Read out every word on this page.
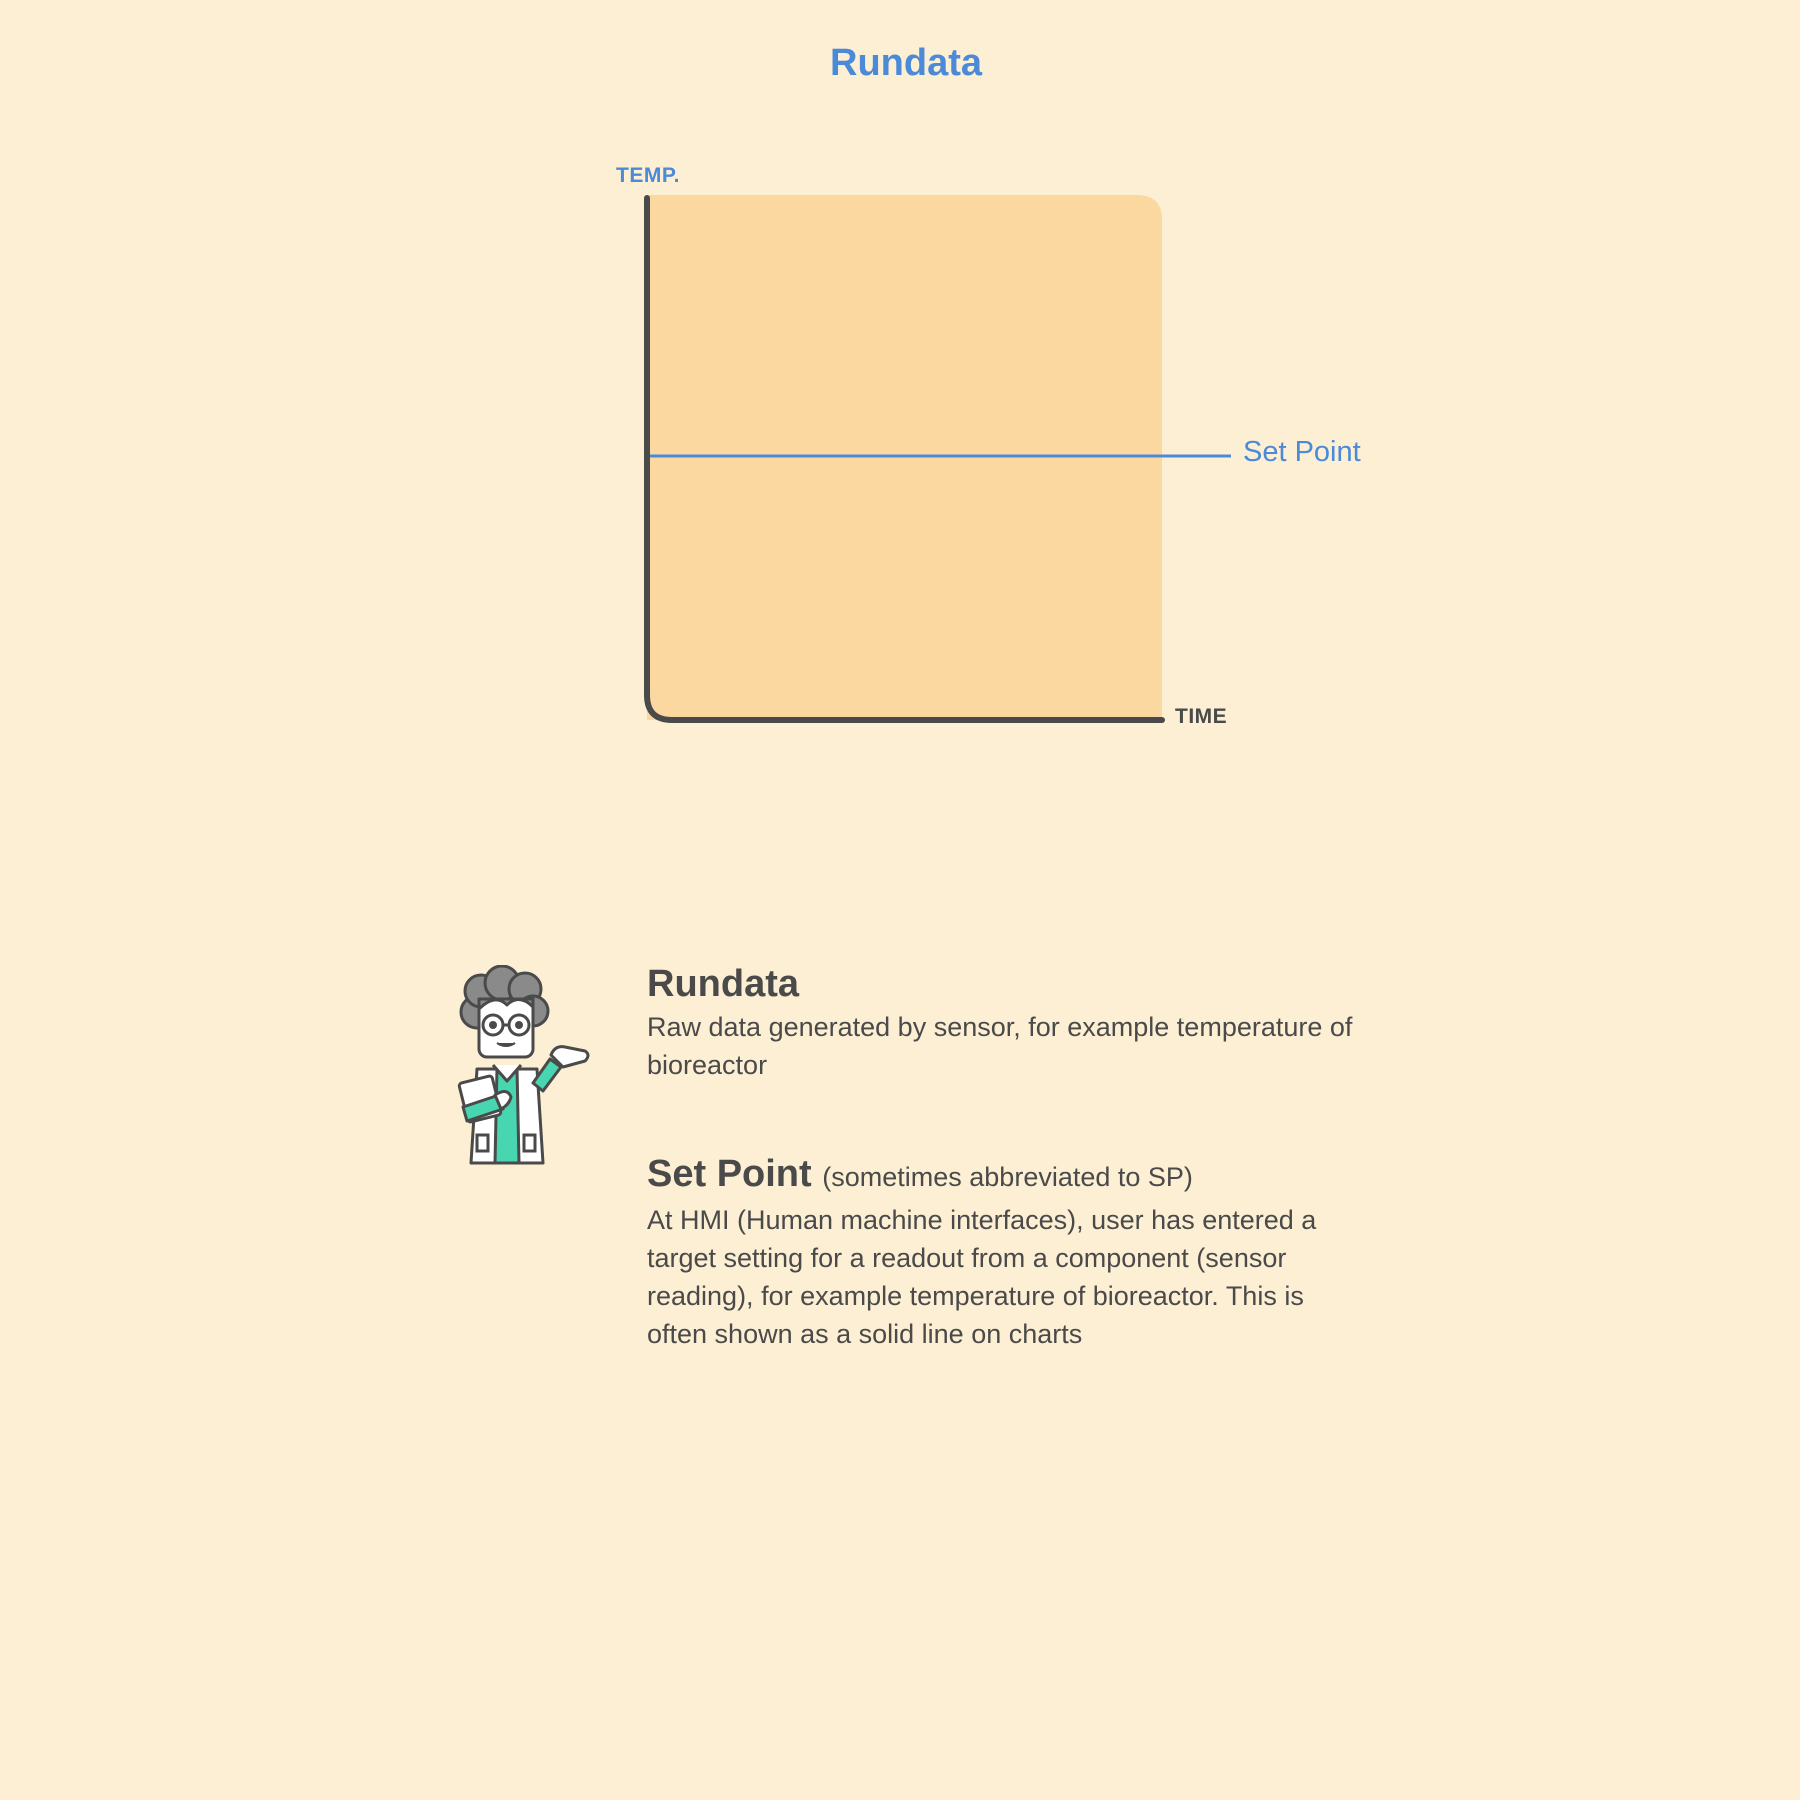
Rundata
TEMP.
TIME
Set Point
Rundata
Raw data generated by sensor, for example temperature of bioreactor
Set Point (sometimes abbreviated to SP)
At HMI (Human machine interfaces), user has entered a target setting for a readout from a component (sensor reading), for example temperature of bioreactor. This is often shown as a solid line on charts
